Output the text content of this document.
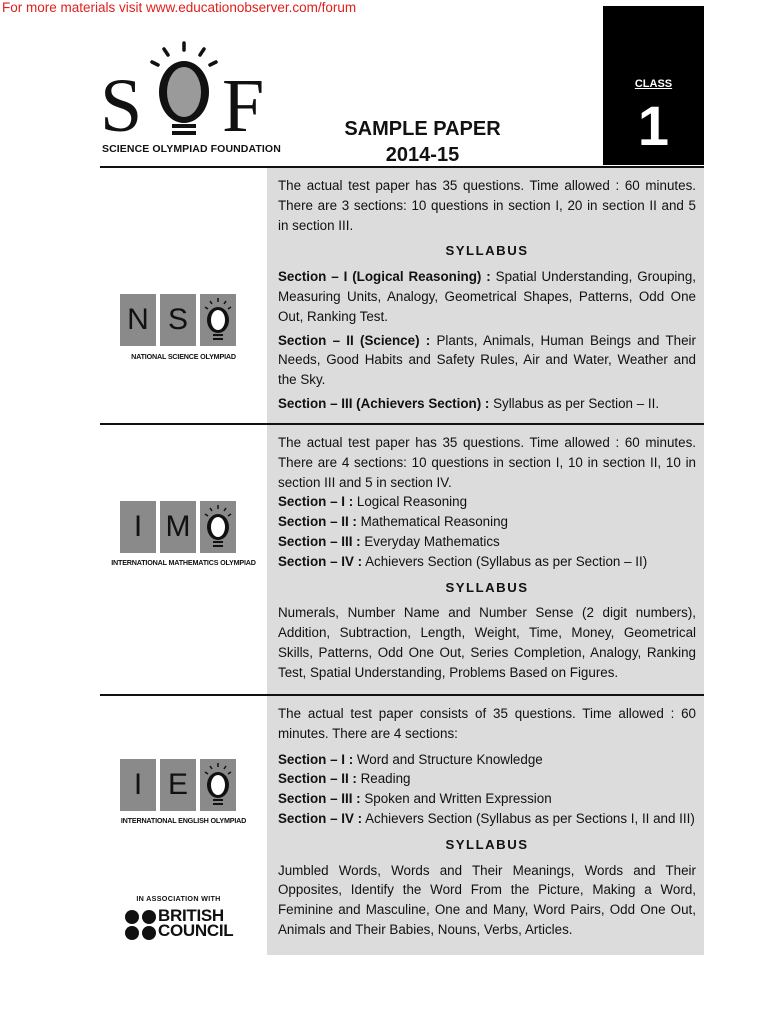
For more materials visit www.educationobserver.com/forum
S F
SCIENCE OLYMPIAD FOUNDATION
SAMPLE PAPER
2014-15
CLASS
1
N S
NATIONAL SCIENCE OLYMPIAD

The actual test paper has 35 questions. Time allowed : 60 minutes. There are 3 sections: 10 questions in section I, 20 in section II and 5 in section III.

SYLLABUS

Section – I (Logical Reasoning) : Spatial Understanding, Grouping, Measuring Units, Analogy, Geometrical Shapes, Patterns, Odd One Out, Ranking Test.

Section – II (Science) : Plants, Animals, Human Beings and Their Needs, Good Habits and Safety Rules, Air and Water, Weather and the Sky.

Section – III (Achievers Section) : Syllabus as per Section – II.

I M
INTERNATIONAL MATHEMATICS OLYMPIAD

The actual test paper has 35 questions. Time allowed : 60 minutes. There are 4 sections: 10 questions in section I, 10 in section II, 10 in section III and 5 in section IV.

Section – I : Logical Reasoning

Section – II : Mathematical Reasoning

Section – III : Everyday Mathematics

Section – IV : Achievers Section (Syllabus as per Section – II)

SYLLABUS

Numerals, Number Name and Number Sense (2 digit numbers), Addition, Subtraction, Length, Weight, Time, Money, Geometrical Skills, Patterns, Odd One Out, Series Completion, Analogy, Ranking Test, Spatial Understanding, Problems Based on Figures.

I E
INTERNATIONAL ENGLISH OLYMPIAD
IN ASSOCIATION WITH
BRITISH
COUNCIL

The actual test paper consists of 35 questions. Time allowed : 60 minutes. There are 4 sections:

Section – I : Word and Structure Knowledge

Section – II : Reading

Section – III : Spoken and Written Expression

Section – IV : Achievers Section (Syllabus as per Sections I, II and III)

SYLLABUS

Jumbled Words, Words and Their Meanings, Words and Their Opposites, Identify the Word From the Picture, Making a Word, Feminine and Masculine, One and Many, Word Pairs, Odd One Out, Animals and Their Babies, Nouns, Verbs, Articles.
